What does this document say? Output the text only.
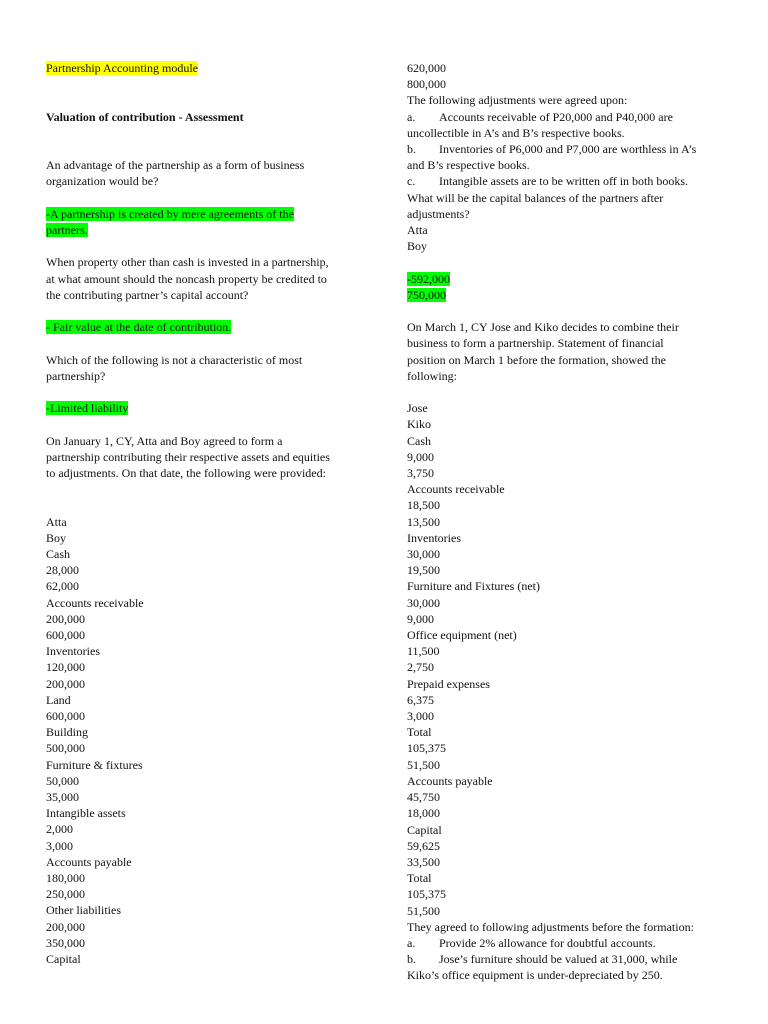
Partnership Accounting module
Valuation of contribution - Assessment
An advantage of the partnership as a form of business
organization would be?
-A partnership is created by mere agreements of the
partners.
When property other than cash is invested in a partnership,
at what amount should the noncash property be credited to
the contributing partner’s capital account?
- Fair value at the date of contribution.
Which of the following is not a characteristic of most
partnership?
-Limited liability
On January 1, CY, Atta and Boy agreed to form a
partnership contributing their respective assets and equities
to adjustments. On that date, the following were provided:
Atta
Boy
Cash
28,000
62,000
Accounts receivable
200,000
600,000
Inventories
120,000
200,000
Land
600,000
Building
500,000
Furniture & fixtures
50,000
35,000
Intangible assets
2,000
3,000
Accounts payable
180,000
250,000
Other liabilities
200,000
350,000
Capital
620,000
800,000
The following adjustments were agreed upon:
a. Accounts receivable of P20,000 and P40,000 are
uncollectible in A’s and B’s respective books.
b. Inventories of P6,000 and P7,000 are worthless in A’s
and B’s respective books.
c. Intangible assets are to be written off in both books.
What will be the capital balances of the partners after
adjustments?
Atta
Boy
-592,000
750,000
On March 1, CY Jose and Kiko decides to combine their
business to form a partnership. Statement of financial
position on March 1 before the formation, showed the
following:
Jose
Kiko
Cash
9,000
3,750
Accounts receivable
18,500
13,500
Inventories
30,000
19,500
Furniture and Fixtures (net)
30,000
9,000
Office equipment (net)
11,500
2,750
Prepaid expenses
6,375
3,000
Total
105,375
51,500
Accounts payable
45,750
18,000
Capital
59,625
33,500
Total
105,375
51,500
They agreed to following adjustments before the formation:
a. Provide 2% allowance for doubtful accounts.
b. Jose’s furniture should be valued at 31,000, while
Kiko’s office equipment is under-depreciated by 250.
